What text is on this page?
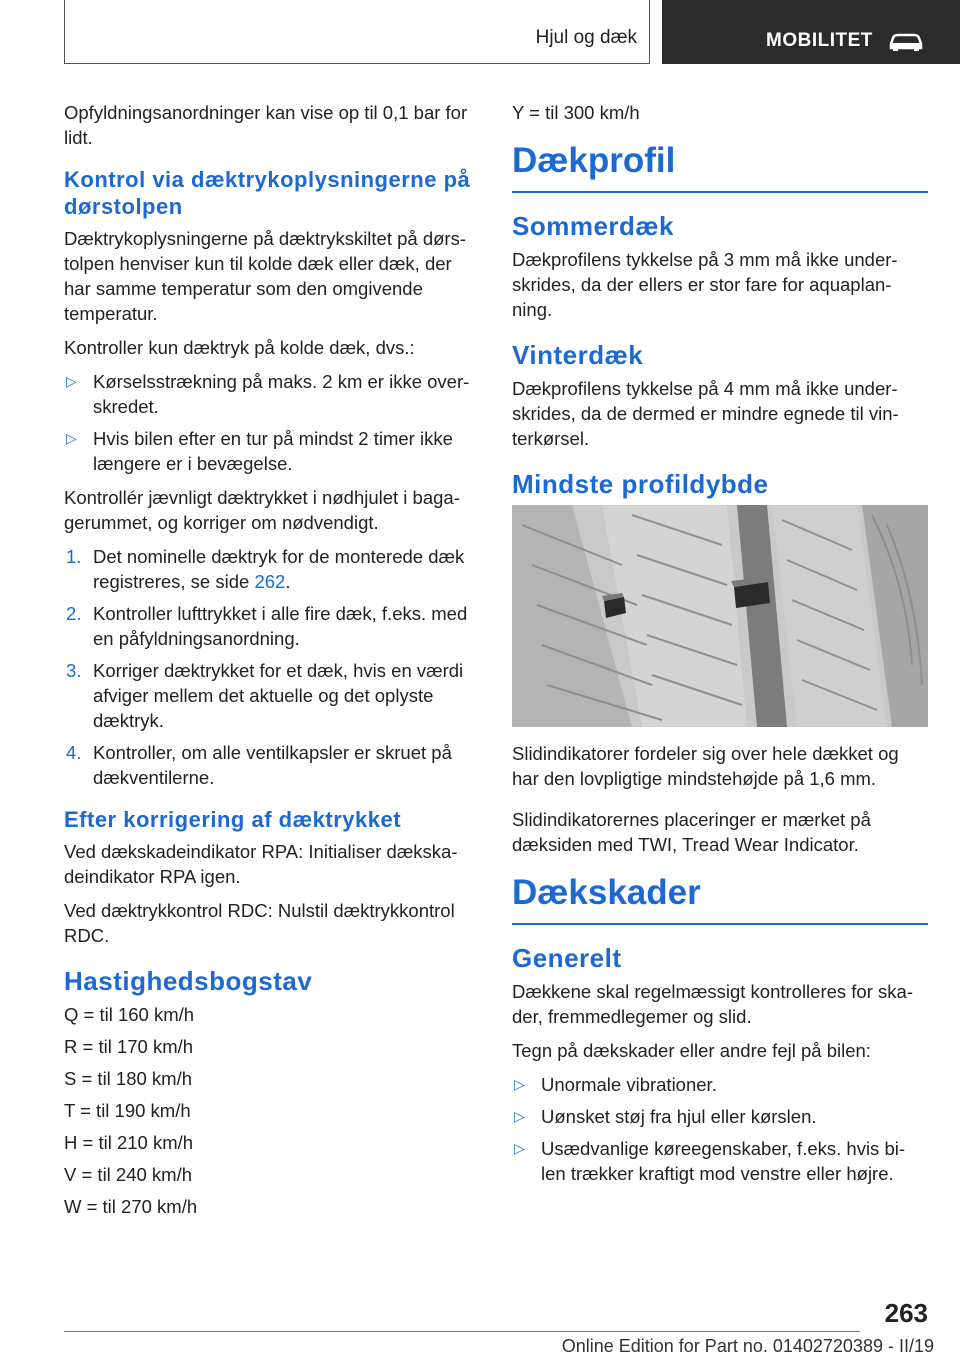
Hjul og dæk	MOBILITET

Opfyldningsanordninger kan vise op til 0,1 bar for lidt.

Kontrol via dæktrykoplysningerne på dørstolpen

Dæktrykoplysningerne på dæktrykskiltet på dørs-tolpen henviser kun til kolde dæk eller dæk, der har samme temperatur som den omgivende temperatur.

Kontroller kun dæktryk på kolde dæk, dvs.:

▷ Kørselsstrækning på maks. 2 km er ikke over-skredet.
▷ Hvis bilen efter en tur på mindst 2 timer ikke længere er i bevægelse.

Kontrollér jævnligt dæktrykket i nødhjulet i baga-gerummet, og korriger om nødvendigt.

1. Det nominelle dæktryk for de monterede dæk registreres, se side 262.
2. Kontroller lufttrykket i alle fire dæk, f.eks. med en påfyldningsanordning.
3. Korriger dæktrykket for et dæk, hvis en værdi afviger mellem det aktuelle og det oplyste dæktryk.
4. Kontroller, om alle ventilkapsler er skruet på dækventilerne.
Efter korrigering af dæktrykket

Ved dækskadeindikator RPA: Initialiser dækska-deindikator RPA igen.

Ved dæktrykkontrol RDC: Nulstil dæktrykkontrol RDC.

Hastighedsbogstav

Q = til 160 km/h

R = til 170 km/h

S = til 180 km/h

T = til 190 km/h

H = til 210 km/h

V = til 240 km/h

W = til 270 km/h

Y = til 300 km/h

Dækprofil
Sommerdæk

Dækprofilens tykkelse på 3 mm må ikke under-skrides, da der ellers er stor fare for aquaplan-ning.

Vinterdæk

Dækprofilens tykkelse på 4 mm må ikke under-skrides, da de dermed er mindre egnede til vin-terkørsel.

Mindste profildybde

Slidindikatorer fordeler sig over hele dækket og har den lovpligtige mindstehøjde på 1,6 mm.

Slidindikatorernes placeringer er mærket på dæksiden med TWI, Tread Wear Indicator.

Dækskader
Generelt

Dækkene skal regelmæssigt kontrolleres for ska-der, fremmedlegemer og slid.

Tegn på dækskader eller andre fejl på bilen:

▷ Unormale vibrationer.
▷ Uønsket støj fra hjul eller kørslen.
▷ Usædvanlige køreegenskaber, f.eks. hvis bi-len trækker kraftigt mod venstre eller højre.
263
Online Edition for Part no. 01402720389 - II/19
